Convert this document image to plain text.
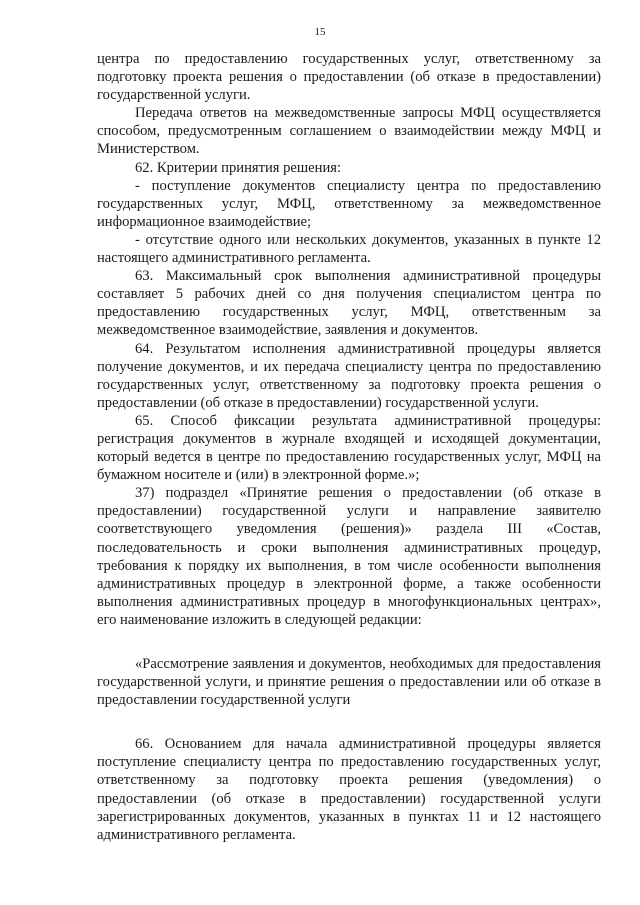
15

центра по предоставлению государственных услуг, ответственному за подготовку проекта решения о предоставлении (об отказе в предоставлении) государственной услуги.

Передача ответов на межведомственные запросы МФЦ осуществляется способом, предусмотренным соглашением о взаимодействии между МФЦ и Министерством.

62. Критерии принятия решения:

- поступление документов специалисту центра по предоставлению государственных услуг, МФЦ, ответственному за межведомственное информационное взаимодействие;

- отсутствие одного или нескольких документов, указанных в пункте 12 настоящего административного регламента.

63. Максимальный срок выполнения административной процедуры составляет 5 рабочих дней со дня получения специалистом центра по предоставлению государственных услуг, МФЦ, ответственным за межведомственное взаимодействие, заявления и документов.

64. Результатом исполнения административной процедуры является получение документов, и их передача специалисту центра по предоставлению государственных услуг, ответственному за подготовку проекта решения о предоставлении (об отказе в предоставлении) государственной услуги.

65. Способ фиксации результата административной процедуры: регистрация документов в журнале входящей и исходящей документации, который ведется в центре по предоставлению государственных услуг, МФЦ на бумажном носителе и (или) в электронной форме.»;

37) подраздел «Принятие решения о предоставлении (об отказе в предоставлении) государственной услуги и направление заявителю соответствующего уведомления (решения)» раздела III «Состав, последовательность и сроки выполнения административных процедур, требования к порядку их выполнения, в том числе особенности выполнения административных процедур в электронной форме, а также особенности выполнения административных процедур в многофункциональных центрах», его наименование изложить в следующей редакции:

«Рассмотрение заявления и документов, необходимых для предоставления государственной услуги, и принятие решения о предоставлении или об отказе в предоставлении государственной услуги

66. Основанием для начала административной процедуры является поступление специалисту центра по предоставлению государственных услуг, ответственному за подготовку проекта решения (уведомления) о предоставлении (об отказе в предоставлении) государственной услуги зарегистрированных документов, указанных в пунктах 11 и 12 настоящего административного регламента.
